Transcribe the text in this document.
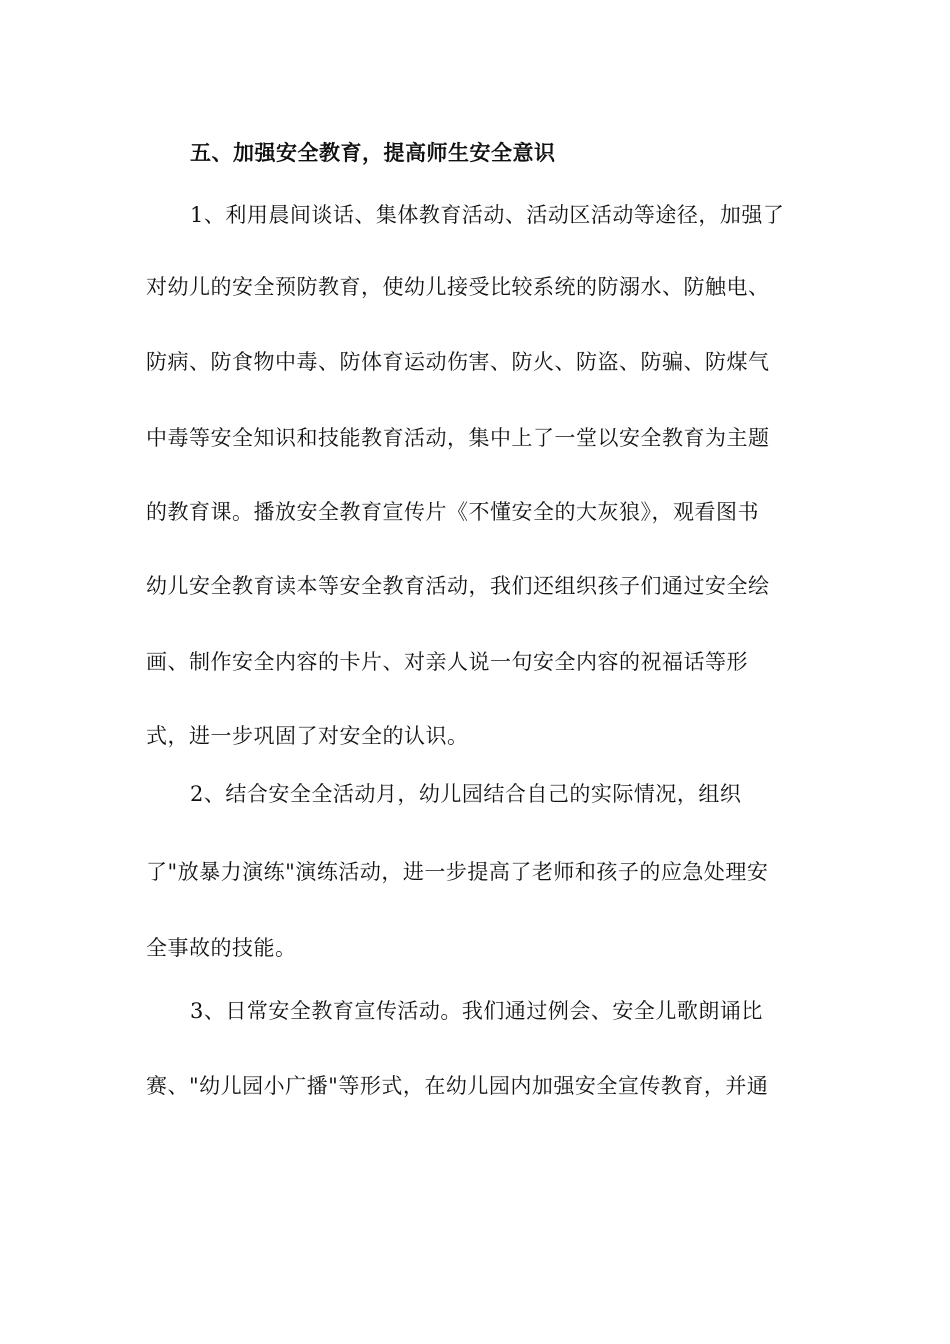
五、加强安全教育，提高师生安全意识
1、利用晨间谈话、集体教育活动、活动区活动等途径，加强了
对幼儿的安全预防教育，使幼儿接受比较系统的防溺水、防触电、
防病、防食物中毒、防体育运动伤害、防火、防盗、防骗、防煤气
中毒等安全知识和技能教育活动，集中上了一堂以安全教育为主题
的教育课。播放安全教育宣传片《不懂安全的大灰狼》，观看图书
幼儿安全教育读本等安全教育活动，我们还组织孩子们通过安全绘
画、制作安全内容的卡片、对亲人说一句安全内容的祝福话等形
式，进一步巩固了对安全的认识。
2、结合安全全活动月，幼儿园结合自己的实际情况，组织
了"放暴力演练"演练活动，进一步提高了老师和孩子的应急处理安
全事故的技能。
3、日常安全教育宣传活动。我们通过例会、安全儿歌朗诵比
赛、"幼儿园小广播"等形式，在幼儿园内加强安全宣传教育，并通
